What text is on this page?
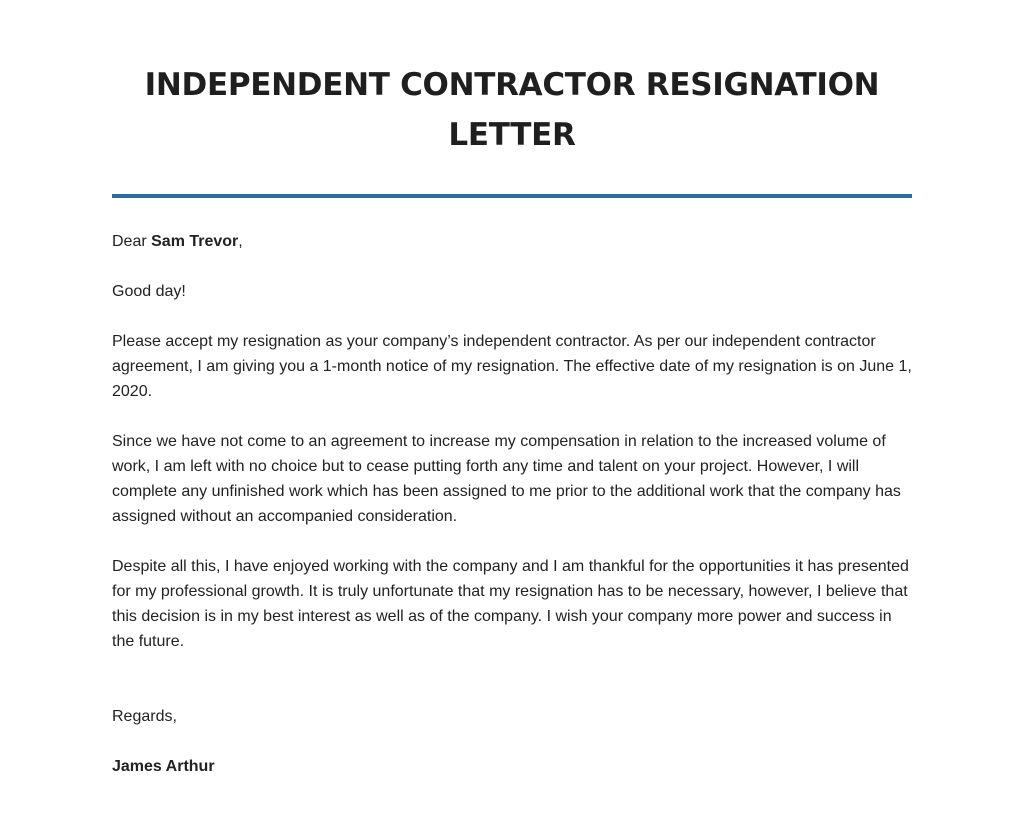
INDEPENDENT CONTRACTOR RESIGNATION
LETTER

Dear Sam Trevor,

Good day!

Please accept my resignation as your company’s independent contractor. As per our independent contractor agreement, I am giving you a 1-month notice of my resignation. The effective date of my resignation is on June 1, 2020.

Since we have not come to an agreement to increase my compensation in relation to the increased volume of work, I am left with no choice but to cease putting forth any time and talent on your project. However, I will complete any unfinished work which has been assigned to me prior to the additional work that the company has assigned without an accompanied consideration.

Despite all this, I have enjoyed working with the company and I am thankful for the opportunities it has presented for my professional growth. It is truly unfortunate that my resignation has to be necessary, however, I believe that this decision is in my best interest as well as of the company. I wish your company more power and success in the future.

Regards,

James Arthur
